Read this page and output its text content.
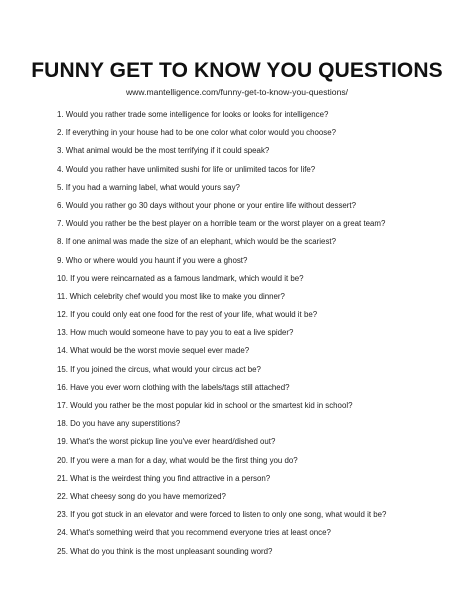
FUNNY GET TO KNOW YOU QUESTIONS
www.mantelligence.com/funny-get-to-know-you-questions/
1. Would you rather trade some intelligence for looks or looks for intelligence?
2. If everything in your house had to be one color what color would you choose?
3. What animal would be the most terrifying if it could speak?
4. Would you rather have unlimited sushi for life or unlimited tacos for life?
5. If you had a warning label, what would yours say?
6. Would you rather go 30 days without your phone or your entire life without dessert?
7. Would you rather be the best player on a horrible team or the worst player on a great team?
8. If one animal was made the size of an elephant, which would be the scariest?
9. Who or where would you haunt if you were a ghost?
10. If you were reincarnated as a famous landmark, which would it be?
11. Which celebrity chef would you most like to make you dinner?
12. If you could only eat one food for the rest of your life, what would it be?
13. How much would someone have to pay you to eat a live spider?
14. What would be the worst movie sequel ever made?
15. If you joined the circus, what would your circus act be?
16. Have you ever worn clothing with the labels/tags still attached?
17. Would you rather be the most popular kid in school or the smartest kid in school?
18. Do you have any superstitions?
19. What's the worst pickup line you've ever heard/dished out?
20. If you were a man for a day, what would be the first thing you do?
21. What is the weirdest thing you find attractive in a person?
22. What cheesy song do you have memorized?
23. If you got stuck in an elevator and were forced to listen to only one song, what would it be?
24. What's something weird that you recommend everyone tries at least once?
25. What do you think is the most unpleasant sounding word?
